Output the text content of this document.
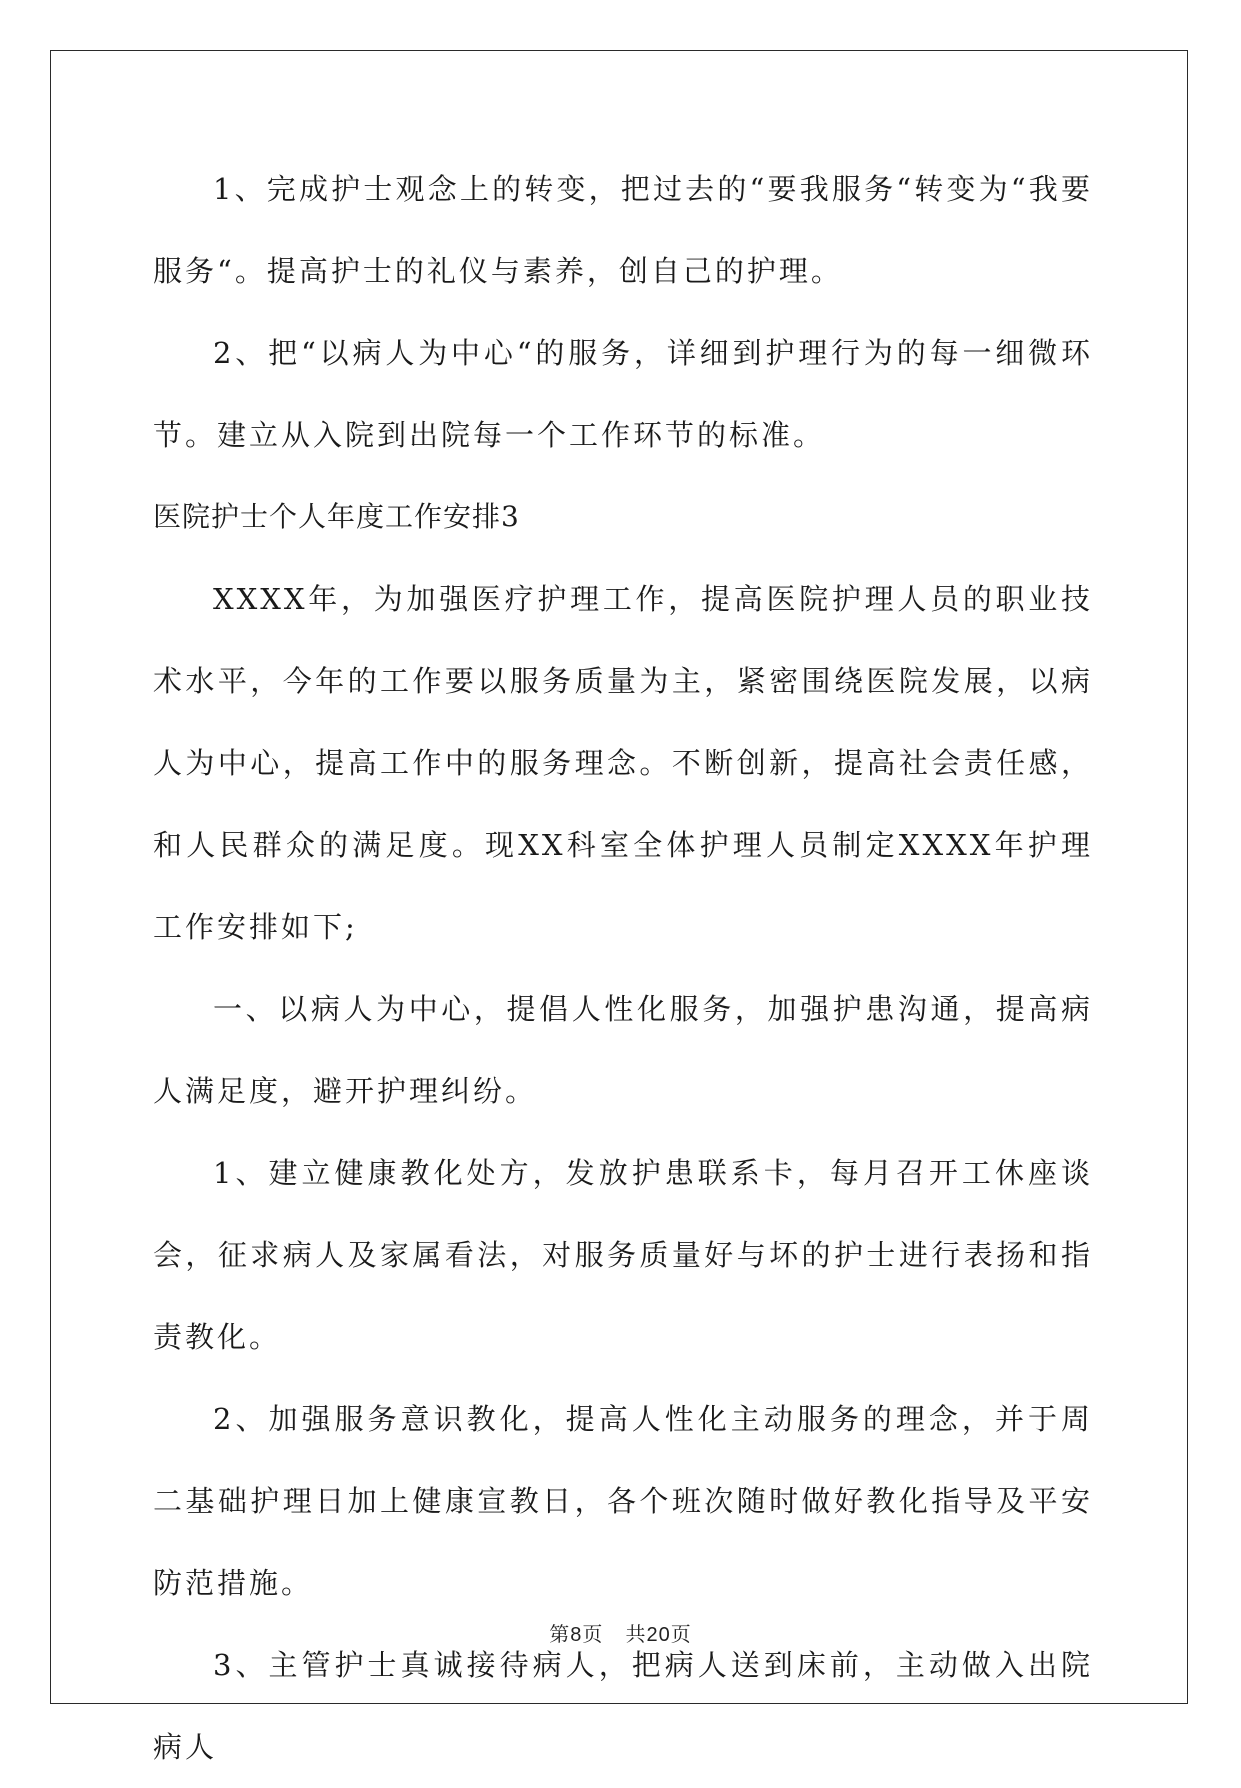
1、完成护士观念上的转变，把过去的“要我服务“转变为“我要服务“。提高护士的礼仪与素养，创自己的护理。

2、把“以病人为中心“的服务，详细到护理行为的每一细微环节。建立从入院到出院每一个工作环节的标准。

医院护士个人年度工作安排3

XXXX年，为加强医疗护理工作，提高医院护理人员的职业技术水平，今年的工作要以服务质量为主，紧密围绕医院发展，以病人为中心，提高工作中的服务理念。不断创新，提高社会责任感，和人民群众的满足度。现XX科室全体护理人员制定XXXX年护理工作安排如下;

一、以病人为中心，提倡人性化服务，加强护患沟通，提高病人满足度，避开护理纠纷。

1、建立健康教化处方，发放护患联系卡，每月召开工休座谈会，征求病人及家属看法，对服务质量好与坏的护士进行表扬和指责教化。

2、加强服务意识教化，提高人性化主动服务的理念，并于周二基础护理日加上健康宣教日，各个班次随时做好教化指导及平安防范措施。

3、主管护士真诚接待病人，把病人送到床前，主动做入出院病人

第8页 共20页
